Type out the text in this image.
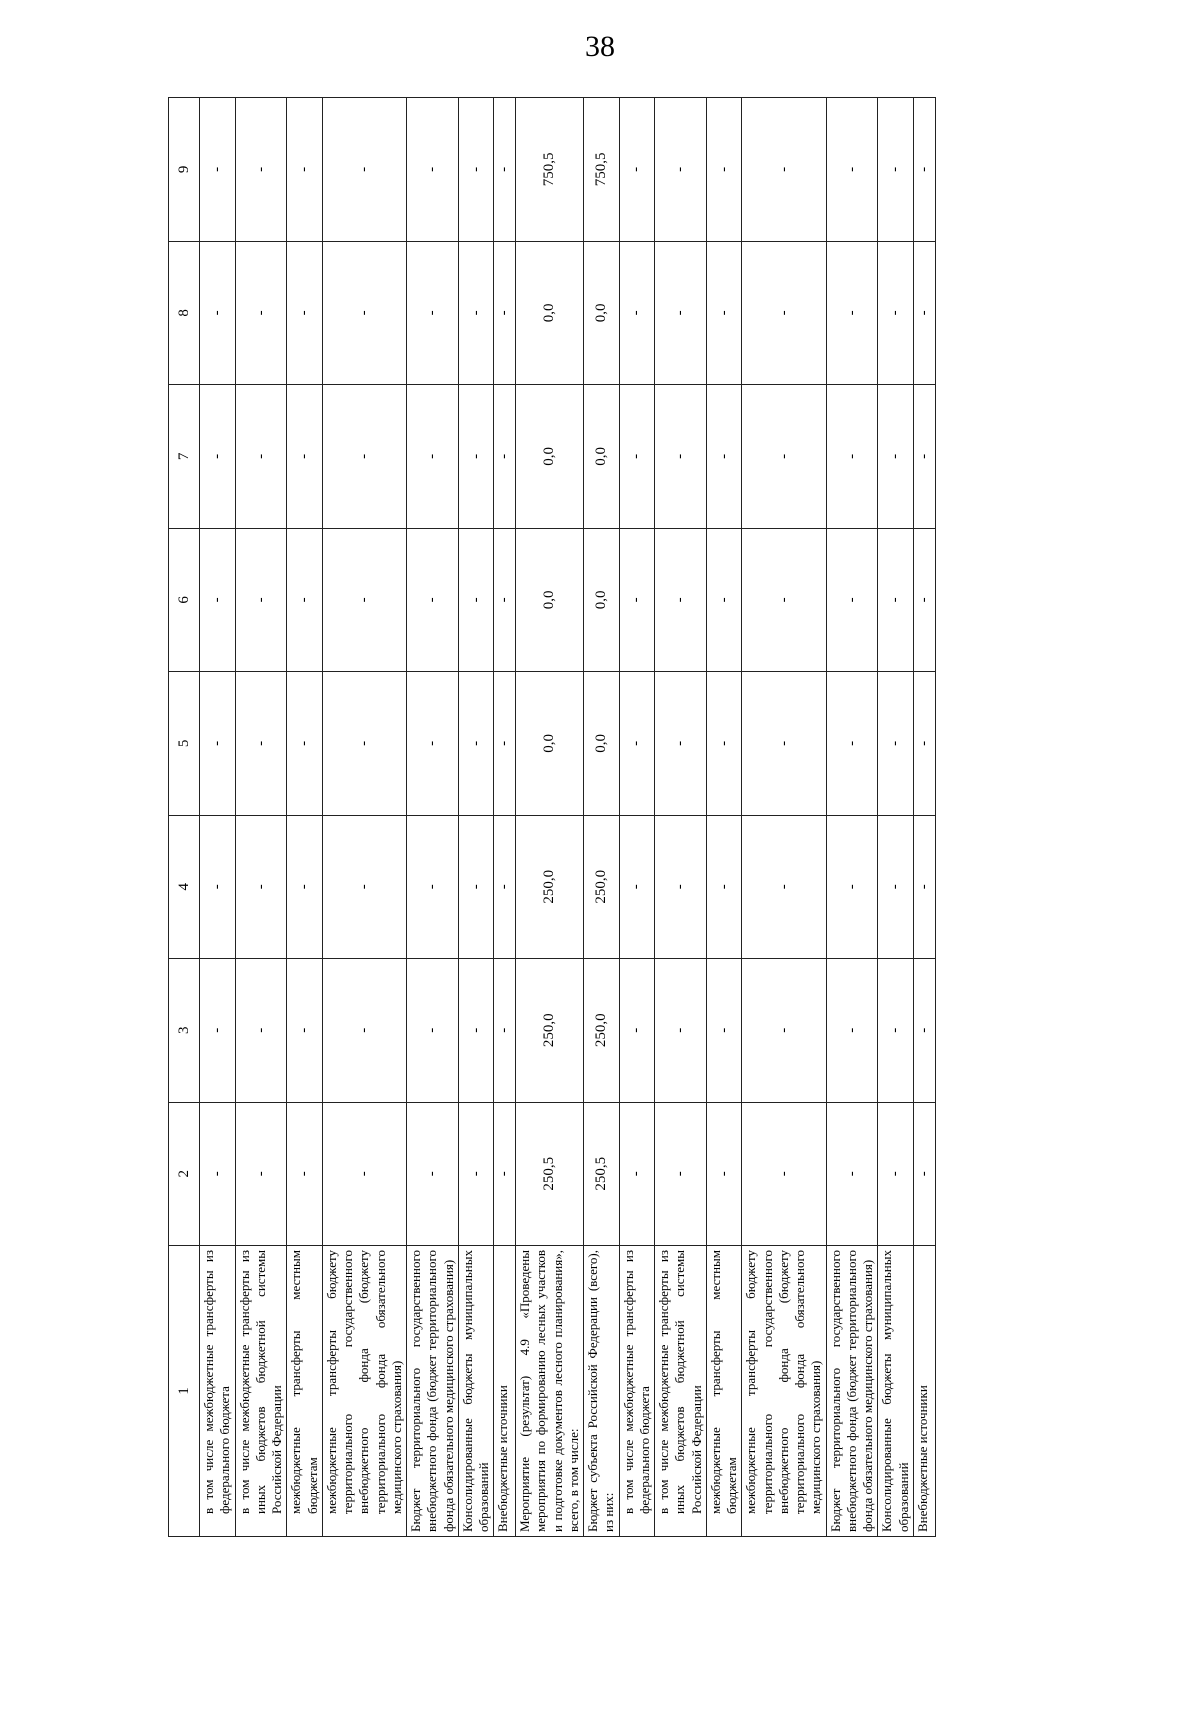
38
1	2	3	4	5	6	7	8	9
в том числе межбюджетные трансферты из федерального бюджета	-	-	-	-	-	-	-	-
в том числе межбюджетные трансферты из иных бюджетов бюджетной системы Российской Федерации	-	-	-	-	-	-	-	-
межбюджетные трансферты местным бюджетам	-	-	-	-	-	-	-	-
межбюджетные трансферты бюджету территориального государственного внебюджетного фонда (бюджету территориального фонда обязательного медицинского страхования)	-	-	-	-	-	-	-	-
Бюджет территориального государственного внебюджетного фонда (бюджет территориального фонда обязательного медицинского страхования)	-	-	-	-	-	-	-	-
Консолидированные бюджеты муниципальных образований	-	-	-	-	-	-	-	-
Внебюджетные источники	-	-	-	-	-	-	-	-
Мероприятие (результат) 4.9 «Проведены мероприятия по формированию лесных участков и подготовке документов лесного планирования», всего, в том числе:	250,5	250,0	250,0	0,0	0,0	0,0	0,0	750,5
Бюджет субъекта Российской Федерации (всего), из них:	250,5	250,0	250,0	0,0	0,0	0,0	0,0	750,5
в том числе межбюджетные трансферты из федерального бюджета	-	-	-	-	-	-	-	-
в том числе межбюджетные трансферты из иных бюджетов бюджетной системы Российской Федерации	-	-	-	-	-	-	-	-
межбюджетные трансферты местным бюджетам	-	-	-	-	-	-	-	-
межбюджетные трансферты бюджету территориального государственного внебюджетного фонда (бюджету территориального фонда обязательного медицинского страхования)	-	-	-	-	-	-	-	-
Бюджет территориального государственного внебюджетного фонда (бюджет территориального фонда обязательного медицинского страхования)	-	-	-	-	-	-	-	-
Консолидированные бюджеты муниципальных образований	-	-	-	-	-	-	-	-
Внебюджетные источники	-	-	-	-	-	-	-	-
